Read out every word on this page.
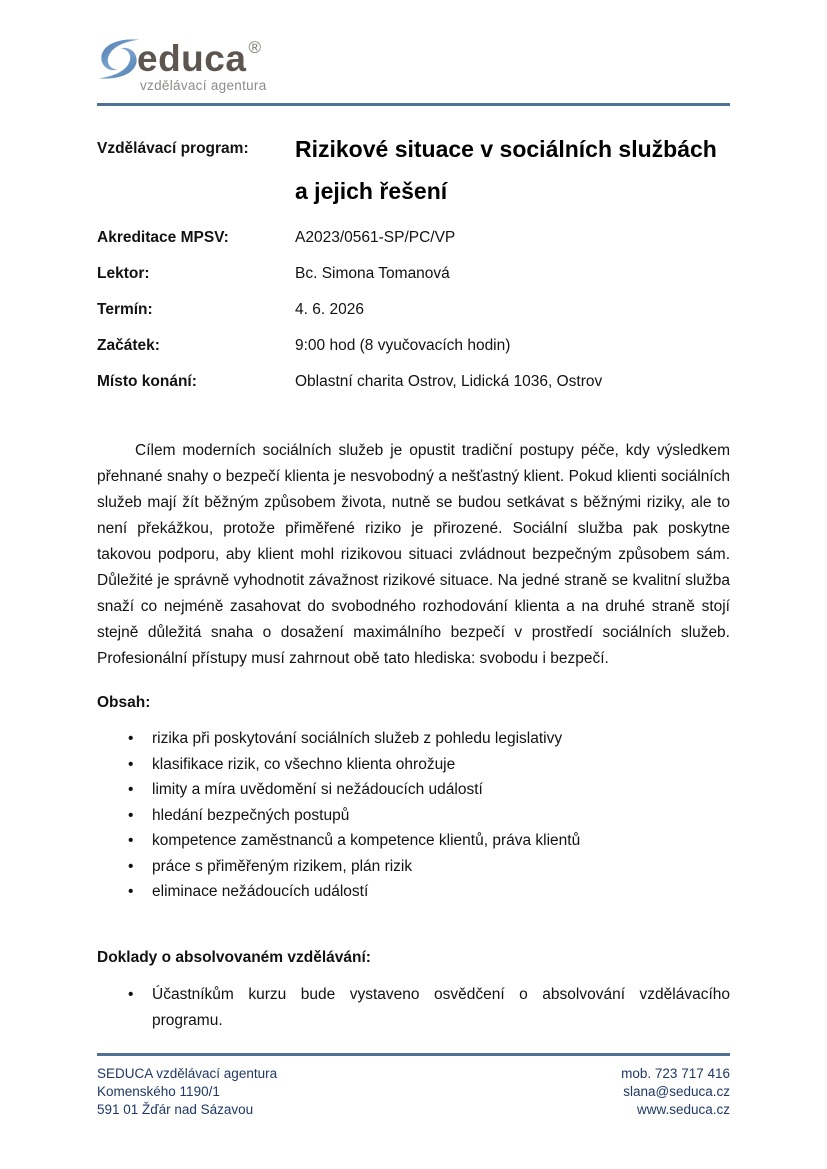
educa ®
vzdělávací agentura
Vzdělávací program:	Rizikové situace v sociálních službách
a jejich řešení
Akreditace MPSV:	A2023/0561-SP/PC/VP
Lektor:	Bc. Simona Tomanová
Termín:	4. 6. 2026
Začátek:	9:00 hod (8 vyučovacích hodin)
Místo konání:	Oblastní charita Ostrov, Lidická 1036, Ostrov

Cílem moderních sociálních služeb je opustit tradiční postupy péče, kdy výsledkem přehnané snahy o bezpečí klienta je nesvobodný a nešťastný klient. Pokud klienti sociálních služeb mají žít běžným způsobem života, nutně se budou setkávat s běžnými riziky, ale to není překážkou, protože přiměřené riziko je přirozené. Sociální služba pak poskytne takovou podporu, aby klient mohl rizikovou situaci zvládnout bezpečným způsobem sám. Důležité je správně vyhodnotit závažnost rizikové situace. Na jedné straně se kvalitní služba snaží co nejméně zasahovat do svobodného rozhodování klienta a na druhé straně stojí stejně důležitá snaha o dosažení maximálního bezpečí v prostředí sociálních služeb. Profesionální přístupy musí zahrnout obě tato hlediska: svobodu i bezpečí.

Obsah:
• rizika při poskytování sociálních služeb z pohledu legislativy
• klasifikace rizik, co všechno klienta ohrožuje
• limity a míra uvědomění si nežádoucích událostí
• hledání bezpečných postupů
• kompetence zaměstnanců a kompetence klientů, práva klientů
• práce s přiměřeným rizikem, plán rizik
• eliminace nežádoucích událostí
Doklady o absolvovaném vzdělávání:
• Účastníkům kurzu bude vystaveno osvědčení o absolvování vzdělávacího programu.
SEDUCA vzdělávací agentura
Komenského 1190/1
591 01 Žďár nad Sázavou
mob. 723 717 416
slana@seduca.cz
www.seduca.cz
